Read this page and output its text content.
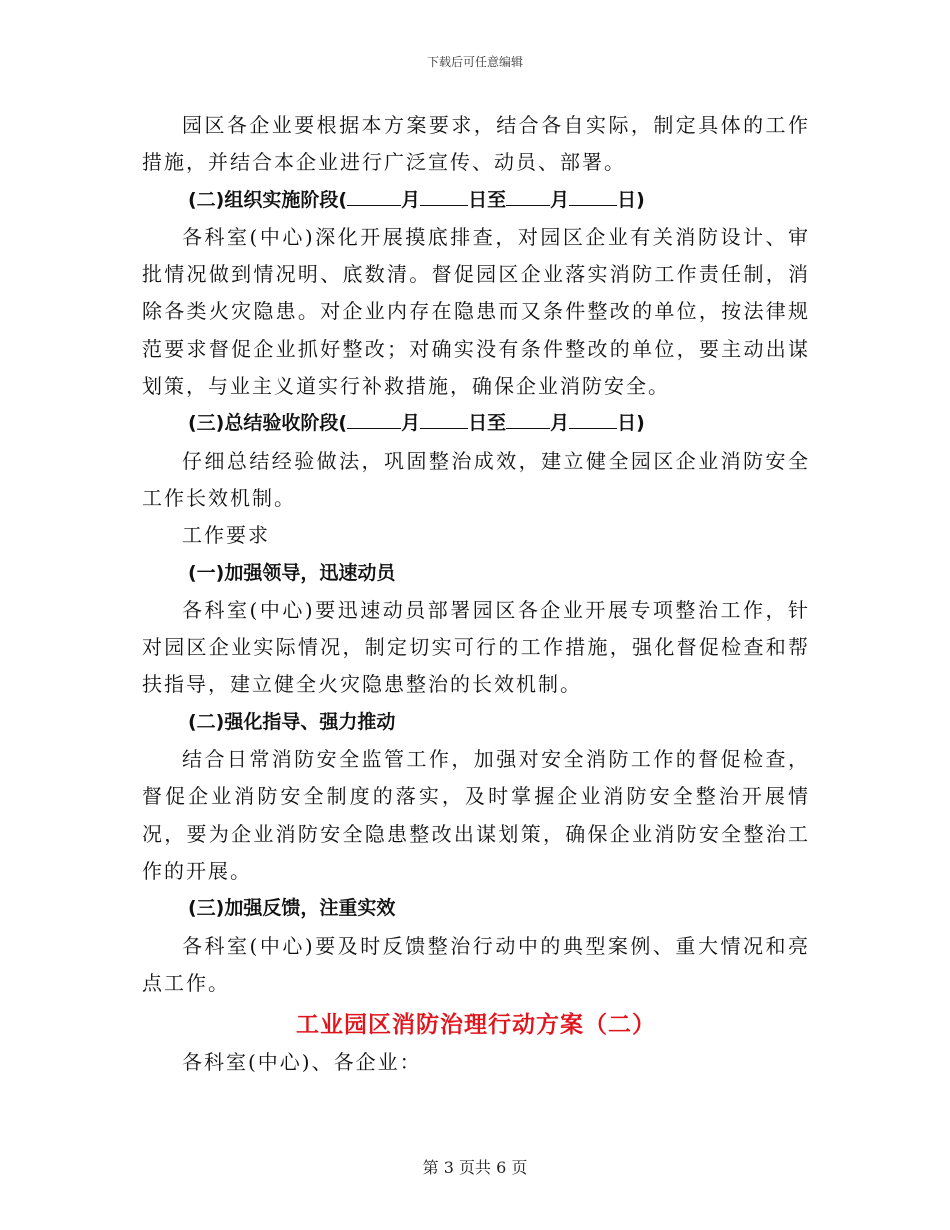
下载后可任意编辑

园区各企业要根据本方案要求，结合各自实际，制定具体的工作措施，并结合本企业进行广泛宣传、动员、部署。

(二)组织实施阶段(	月	日至 月	日)

各科室(中心)深化开展摸底排查，对园区企业有关消防设计、审批情况做到情况明、底数清。督促园区企业落实消防工作责任制，消除各类火灾隐患。对企业内存在隐患而又条件整改的单位，按法律规范要求督促企业抓好整改；对确实没有条件整改的单位，要主动出谋划策，与业主义道实行补救措施，确保企业消防安全。

(三)总结验收阶段(	月	日至 月	日)

仔细总结经验做法，巩固整治成效，建立健全园区企业消防安全工作长效机制。

工作要求

(一)加强领导，迅速动员

各科室(中心)要迅速动员部署园区各企业开展专项整治工作，针对园区企业实际情况，制定切实可行的工作措施，强化督促检查和帮扶指导，建立健全火灾隐患整治的长效机制。

(二)强化指导、强力推动

结合日常消防安全监管工作，加强对安全消防工作的督促检查，督促企业消防安全制度的落实，及时掌握企业消防安全整治开展情况，要为企业消防安全隐患整改出谋划策，确保企业消防安全整治工作的开展。

(三)加强反馈，注重实效

各科室(中心)要及时反馈整治行动中的典型案例、重大情况和亮点工作。

工业园区消防治理行动方案（二）

各科室(中心)、各企业：

第 3 页共 6 页
